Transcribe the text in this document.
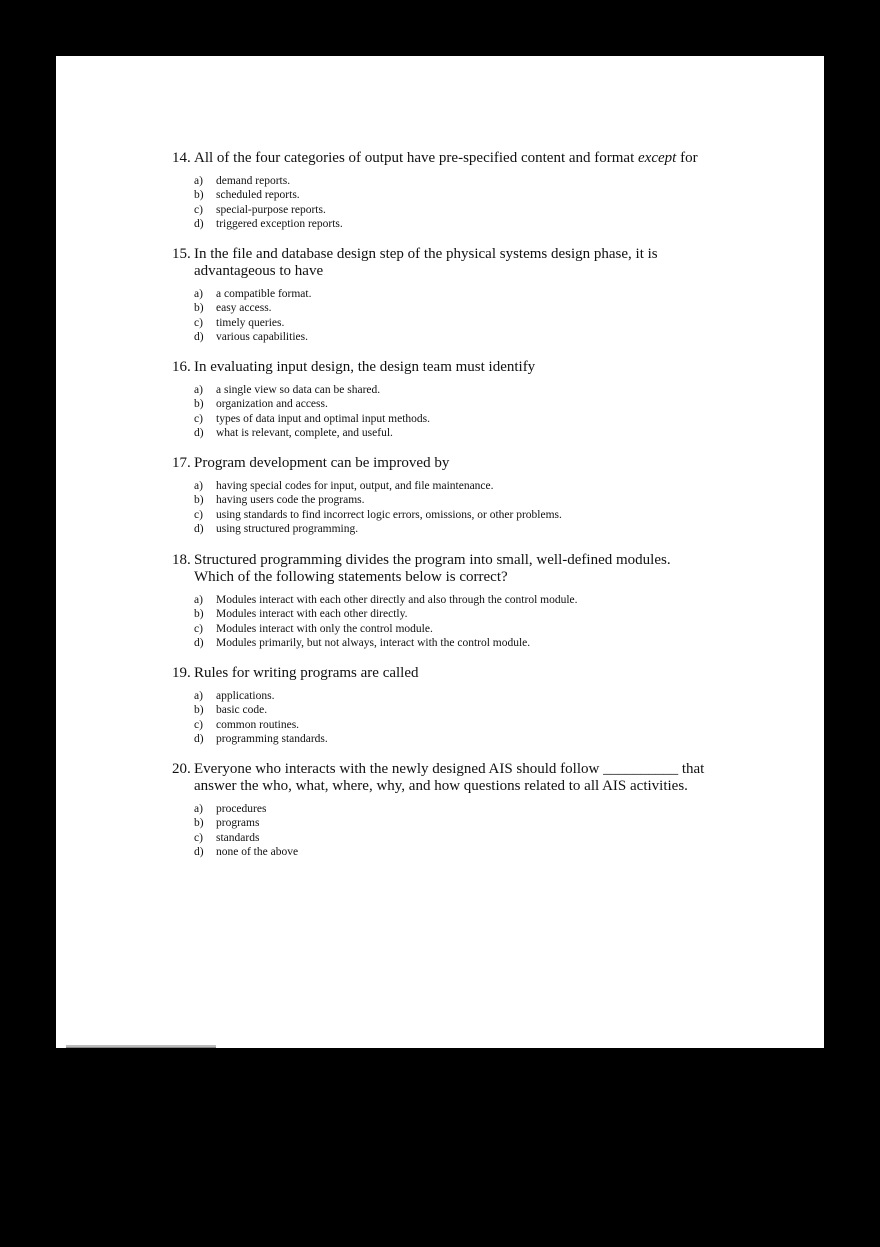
14. All of the four categories of output have pre-specified content and format except for
a)	demand reports.
b)	scheduled reports.
c)	special-purpose reports.
d)	triggered exception reports.
15. In the file and database design step of the physical systems design phase, it is advantageous to have
a)	a compatible format.
b)	easy access.
c)	timely queries.
d)	various capabilities.
16. In evaluating input design, the design team must identify
a)	a single view so data can be shared.
b)	organization and access.
c)	types of data input and optimal input methods.
d)	what is relevant, complete, and useful.
17. Program development can be improved by
a)	having special codes for input, output, and file maintenance.
b)	having users code the programs.
c)	using standards to find incorrect logic errors, omissions, or other problems.
d)	using structured programming.
18. Structured programming divides the program into small, well-defined modules. Which of the following statements below is correct?
a)	Modules interact with each other directly and also through the control module.
b)	Modules interact with each other directly.
c)	Modules interact with only the control module.
d)	Modules primarily, but not always, interact with the control module.
19. Rules for writing programs are called
a)	applications.
b)	basic code.
c)	common routines.
d)	programming standards.
20. Everyone who interacts with the newly designed AIS should follow __________ that answer the who, what, where, why, and how questions related to all AIS activities.
a)	procedures
b)	programs
c)	standards
d)	none of the above
